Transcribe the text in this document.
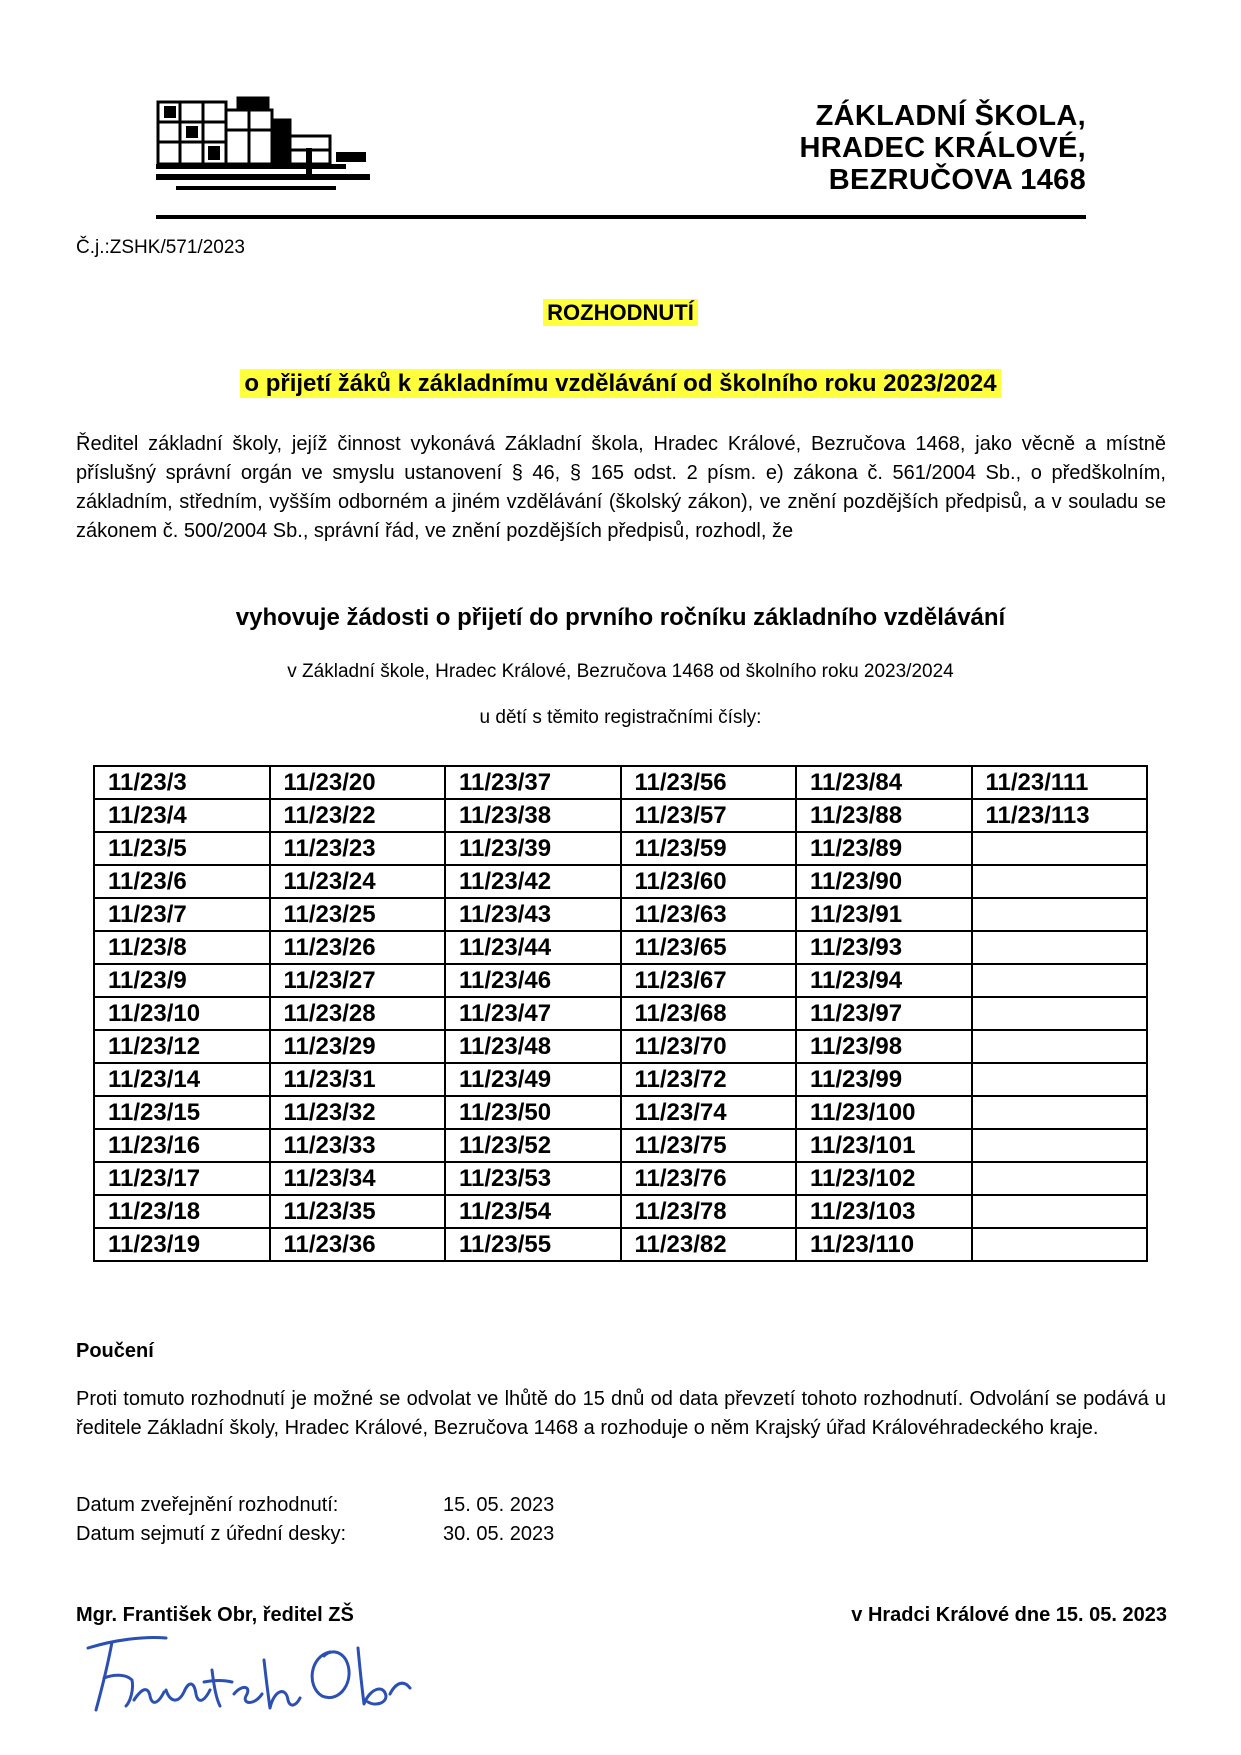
ZÁKLADNÍ ŠKOLA,
HRADEC KRÁLOVÉ,
BEZRUČOVA 1468
Č.j.:ZSHK/571/2023
ROZHODNUTÍ
o přijetí žáků k základnímu vzdělávání od školního roku 2023/2024

Ředitel základní školy, jejíž činnost vykonává Základní škola, Hradec Králové, Bezručova 1468, jako věcně a místně příslušný správní orgán ve smyslu ustanovení § 46, § 165 odst. 2 písm. e) zákona č. 561/2004 Sb., o předškolním, základním, středním, vyšším odborném a jiném vzdělávání (školský zákon), ve znění pozdějších předpisů, a v souladu se zákonem č. 500/2004 Sb., správní řád, ve znění pozdějších předpisů, rozhodl, že

vyhovuje žádosti o přijetí do prvního ročníku základního vzdělávání
v Základní škole, Hradec Králové, Bezručova 1468 od školního roku 2023/2024
u dětí s těmito registračními čísly:
11/23/3	11/23/20	11/23/37	11/23/56	11/23/84	11/23/111
11/23/4	11/23/22	11/23/38	11/23/57	11/23/88	11/23/113
11/23/5	11/23/23	11/23/39	11/23/59	11/23/89	
11/23/6	11/23/24	11/23/42	11/23/60	11/23/90	
11/23/7	11/23/25	11/23/43	11/23/63	11/23/91	
11/23/8	11/23/26	11/23/44	11/23/65	11/23/93	
11/23/9	11/23/27	11/23/46	11/23/67	11/23/94	
11/23/10	11/23/28	11/23/47	11/23/68	11/23/97	
11/23/12	11/23/29	11/23/48	11/23/70	11/23/98	
11/23/14	11/23/31	11/23/49	11/23/72	11/23/99	
11/23/15	11/23/32	11/23/50	11/23/74	11/23/100	
11/23/16	11/23/33	11/23/52	11/23/75	11/23/101	
11/23/17	11/23/34	11/23/53	11/23/76	11/23/102	
11/23/18	11/23/35	11/23/54	11/23/78	11/23/103	
11/23/19	11/23/36	11/23/55	11/23/82	11/23/110	
Poučení
Proti tomuto rozhodnutí je možné se odvolat ve lhůtě do 15 dnů od data převzetí tohoto rozhodnutí. Odvolání se podává u ředitele Základní školy, Hradec Králové, Bezručova 1468 a rozhoduje o něm Krajský úřad Královéhradeckého kraje.
Datum zveřejnění rozhodnutí:	15. 05. 2023
Datum sejmutí z úřední desky:	30. 05. 2023
Mgr. František Obr, ředitel ZŠ	v Hradci Králové dne 15. 05. 2023
